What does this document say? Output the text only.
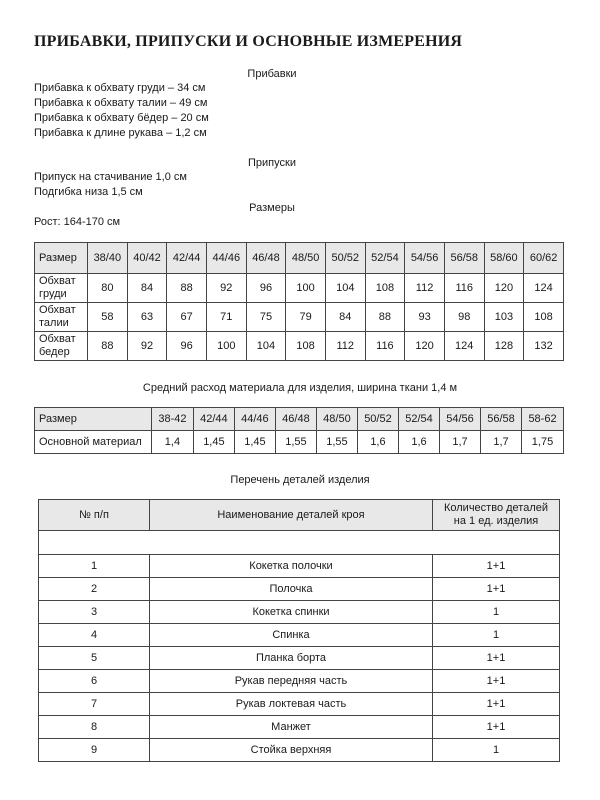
ПРИБАВКИ, ПРИПУСКИ И ОСНОВНЫЕ ИЗМЕРЕНИЯ
Прибавки
Прибавка к обхвату груди – 34 см
Прибавка к обхвату талии – 49 см
Прибавка к обхвату бёдер – 20 см
Прибавка к длине рукава – 1,2 см
Припуски
Припуск на стачивание 1,0 см
Подгибка низа 1,5 см
Размеры
Рост: 164-170 см
Размер	38/40	40/42	42/44	44/46	46/48	48/50	50/52	52/54	54/56	56/58	58/60	60/62

Обхват
груди	80	84	88	92	96	100	104	108	112	116	120	124

Обхват
талии	58	63	67	71	75	79	84	88	93	98	103	108

Обхват
бедер	88	92	96	100	104	108	112	116	120	124	128	132
Средний расход материала для изделия, ширина ткани 1,4 м
Размер	38-42	42/44	44/46	46/48	48/50	50/52	52/54	54/56	56/58	58-62
Основной материал	1,4	1,45	1,45	1,55	1,55	1,6	1,6	1,7	1,7	1,75
Перечень деталей изделия
№ п/п	Наименование деталей кроя	Количество деталей
на 1 ед. изделия

1	Кокетка полочки	1+1
2	Полочка	1+1
3	Кокетка спинки	1
4	Спинка	1
5	Планка борта	1+1
6	Рукав передняя часть	1+1
7	Рукав локтевая часть	1+1
8	Манжет	1+1
9	Стойка верхняя	1
